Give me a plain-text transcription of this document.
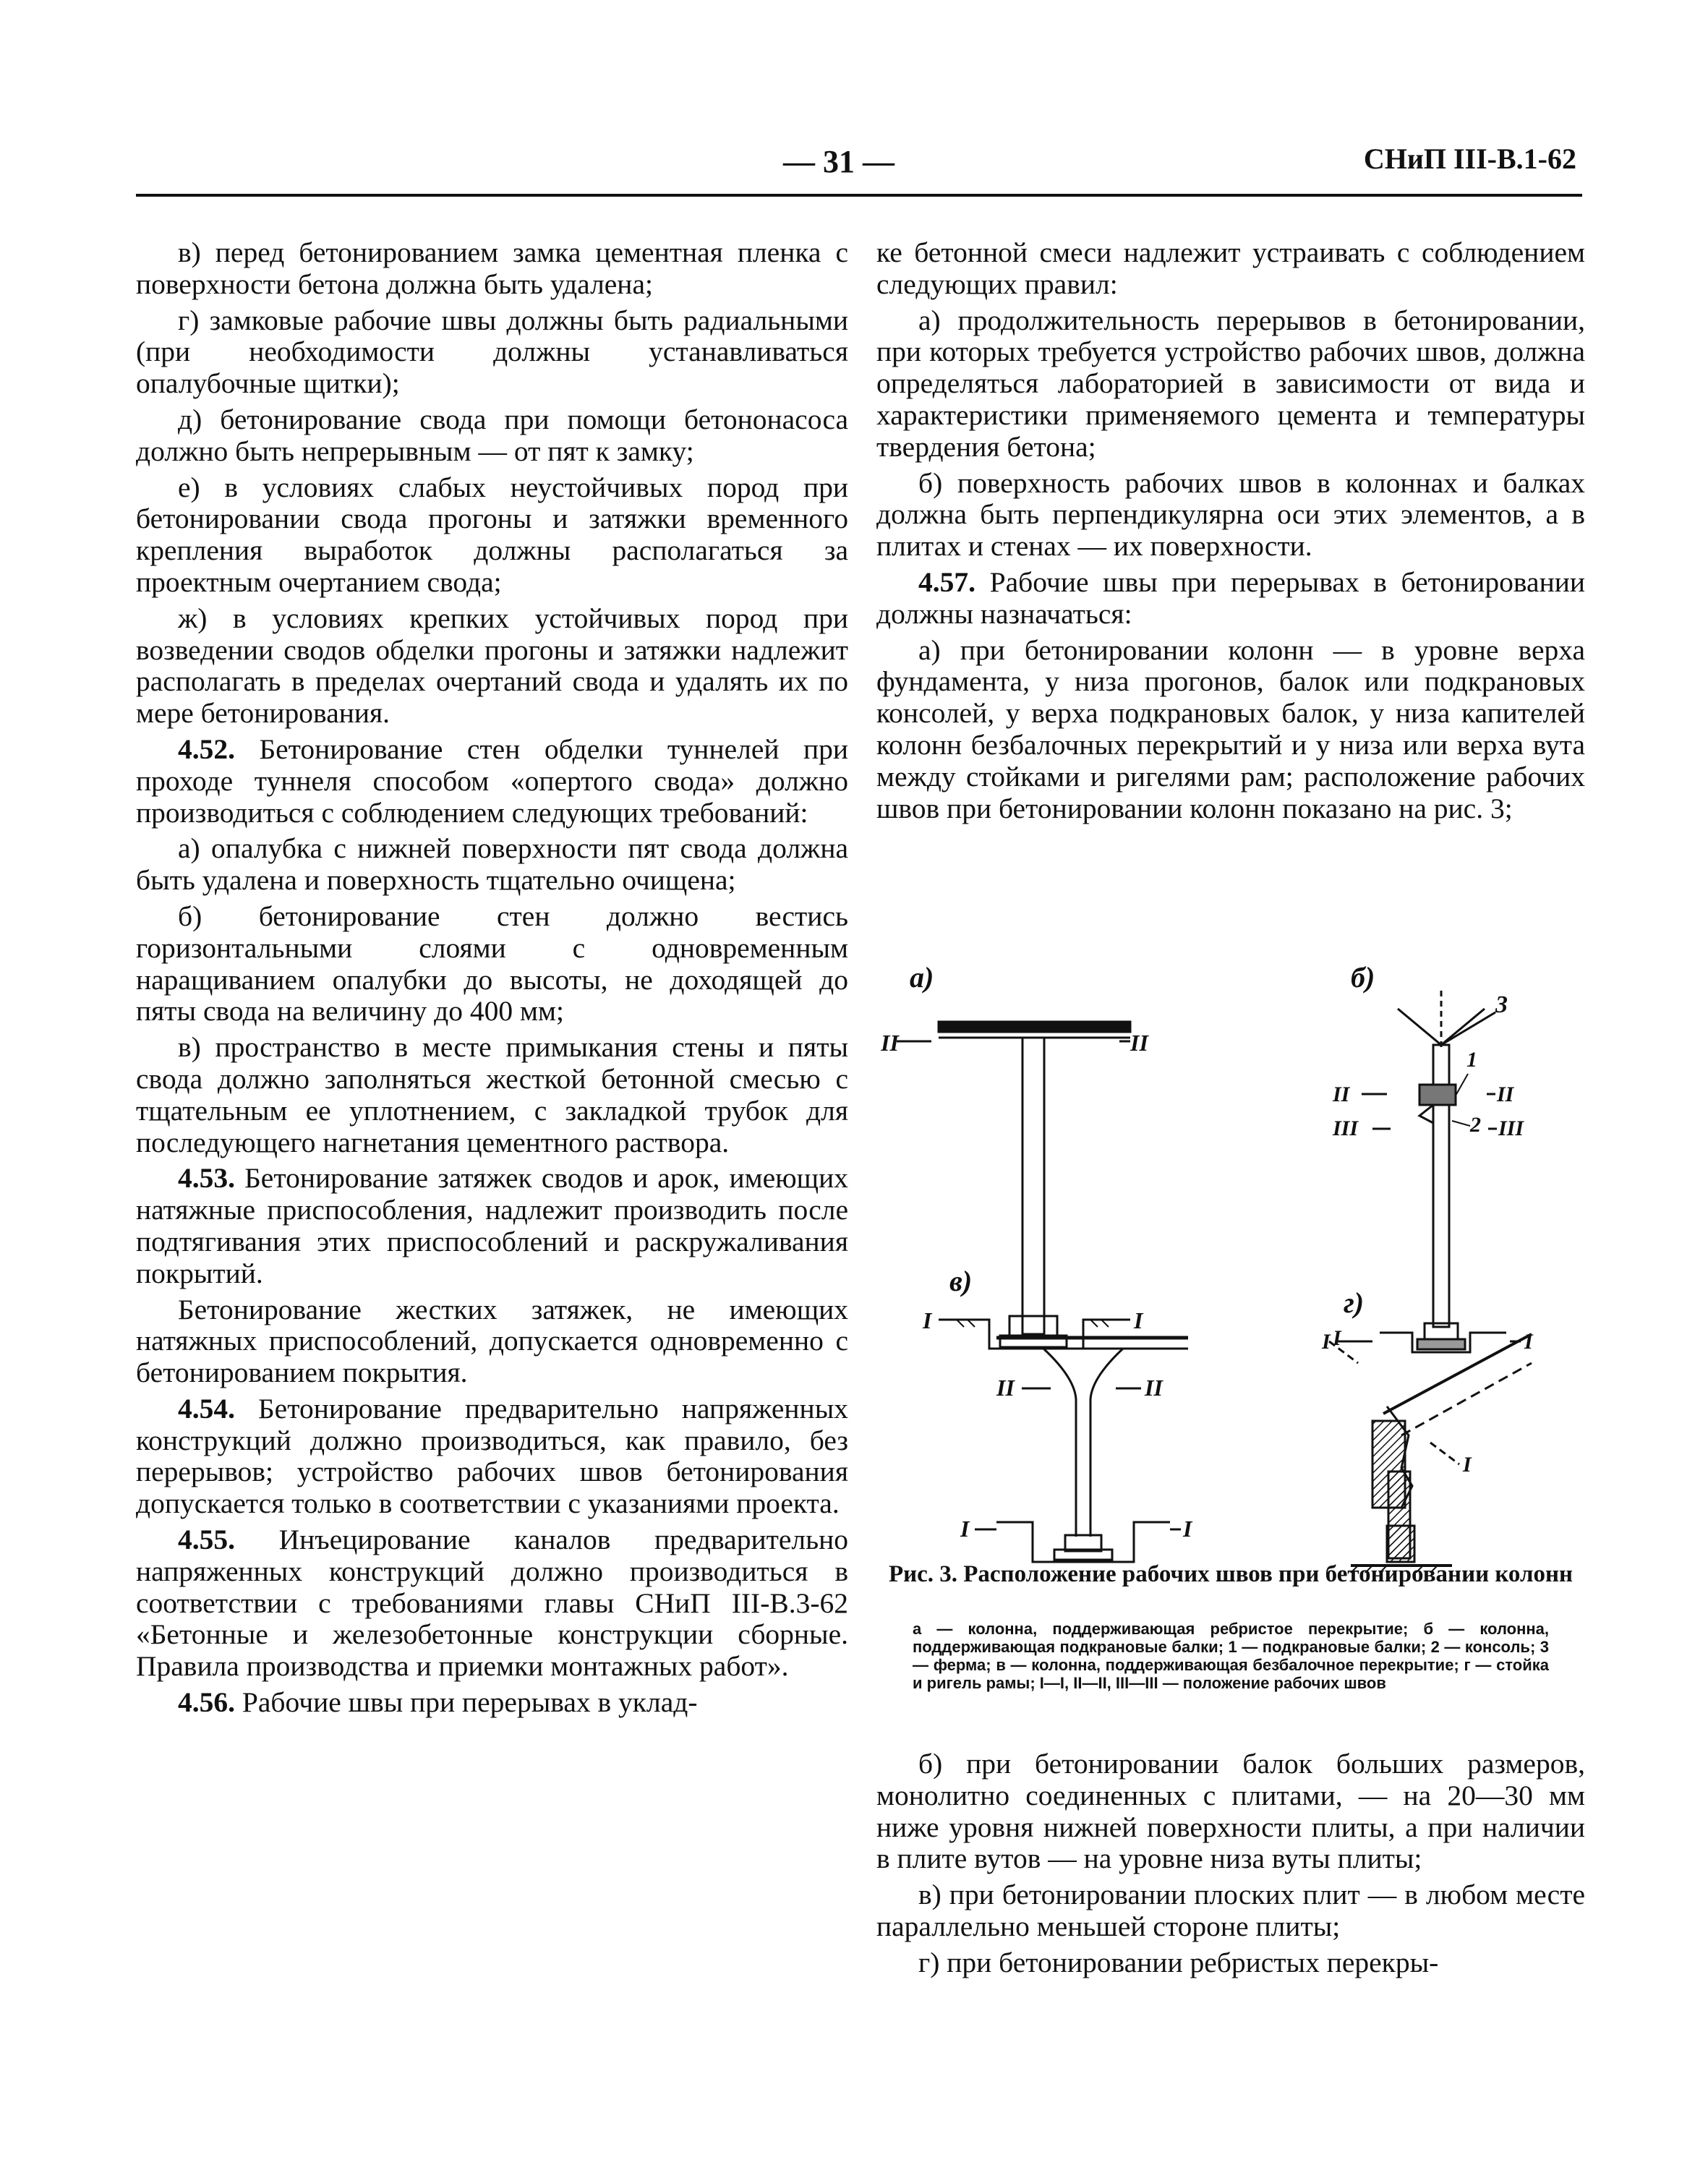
— 31 —	СНиП III-В.1-62

в) перед бетонированием замка цементная пленка с поверхности бетона должна быть удалена;

г) замковые рабочие швы должны быть радиальными (при необходимости должны устанавливаться опалубочные щитки);

д) бетонирование свода при помощи бетононасоса должно быть непрерывным — от пят к замку;

е) в условиях слабых неустойчивых пород при бетонировании свода прогоны и затяжки временного крепления выработок должны располагаться за проектным очертанием свода;

ж) в условиях крепких устойчивых пород при возведении сводов обделки прогоны и затяжки надлежит располагать в пределах очертаний свода и удалять их по мере бетонирования.

4.52. Бетонирование стен обделки туннелей при проходе туннеля способом «опертого свода» должно производиться с соблюдением следующих требований:

а) опалубка с нижней поверхности пят свода должна быть удалена и поверхность тщательно очищена;

б) бетонирование стен должно вестись горизонтальными слоями с одновременным наращиванием опалубки до высоты, не доходящей до пяты свода на величину до 400 мм;

в) пространство в месте примыкания стены и пяты свода должно заполняться жесткой бетонной смесью с тщательным ее уплотнением, с закладкой трубок для последующего нагнетания цементного раствора.

4.53. Бетонирование затяжек сводов и арок, имеющих натяжные приспособления, надлежит производить после подтягивания этих приспособлений и раскружаливания покрытий.

Бетонирование жестких затяжек, не имеющих натяжных приспособлений, допускается одновременно с бетонированием покрытия.

4.54. Бетонирование предварительно напряженных конструкций должно производиться, как правило, без перерывов; устройство рабочих швов бетонирования допускается только в соответствии с указаниями проекта.

4.55. Инъецирование каналов предварительно напряженных конструкций должно производиться в соответствии с требованиями главы СНиП III-В.3-62 «Бетонные и железобетонные конструкции сборные. Правила производства и приемки монтажных работ».

4.56. Рабочие швы при перерывах в уклад-

ке бетонной смеси надлежит устраивать с соблюдением следующих правил:

а) продолжительность перерывов в бетонировании, при которых требуется устройство рабочих швов, должна определяться лабораторией в зависимости от вида и характеристики применяемого цемента и температуры твердения бетона;

б) поверхность рабочих швов в колоннах и балках должна быть перпендикулярна оси этих элементов, а в плитах и стенах — их поверхности.

4.57. Рабочие швы при перерывах в бетонировании должны назначаться:

а) при бетонировании колонн — в уровне верха фундамента, у низа прогонов, балок или подкрановых консолей, у верха подкрановых балок, у низа капителей колонн безбалочных перекрытий и у низа или верха вута между стойками и ригелями рам; расположение рабочих швов при бетонировании колонн показано на рис. 3;

а)
II	II
I	I
б)
3
1
2
II	II
III	III
I	I
в)
II	II
I	I
г)
I
I
Рис. 3. Расположение рабочих швов при бетонировании колонн
а — колонна, поддерживающая ребристое перекрытие; б — колонна, поддерживающая подкрановые балки; 1 — подкрановые балки; 2 — консоль; 3 — ферма; в — колонна, поддерживающая безбалочное перекрытие; г — стойка и ригель рамы; I—I, II—II, III—III — положение рабочих швов

б) при бетонировании балок больших размеров, монолитно соединенных с плитами, — на 20—30 мм ниже уровня нижней поверхности плиты, а при наличии в плите вутов — на уровне низа вуты плиты;

в) при бетонировании плоских плит — в любом месте параллельно меньшей стороне плиты;

г) при бетонировании ребристых перекры-
